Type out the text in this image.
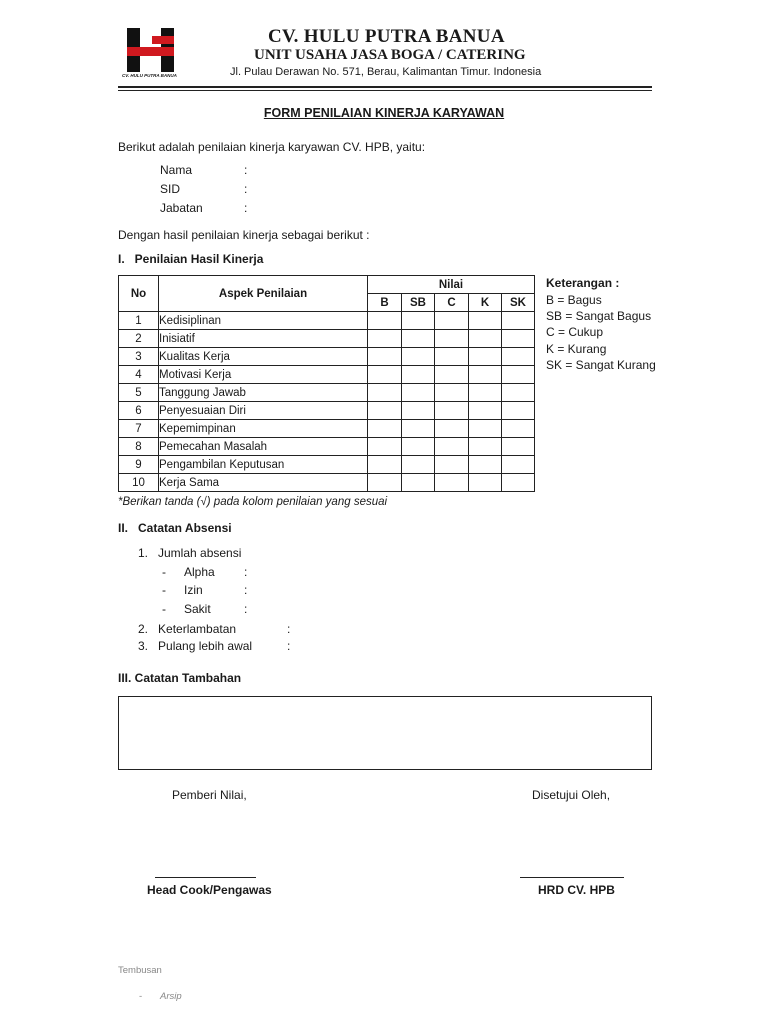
CV. HULU PUTRA BANUA
CV. HULU PUTRA BANUA
UNIT USAHA JASA BOGA / CATERING
Jl. Pulau Derawan No. 571, Berau, Kalimantan Timur. Indonesia
FORM PENILAIAN KINERJA KARYAWAN
Berikut adalah penilaian kinerja karyawan CV. HPB, yaitu:
Nama	:
SID	:
Jabatan	:
Dengan hasil penilaian kinerja sebagai berikut :
I.   Penilaian Hasil Kinerja
No	Aspek Penilaian	Nilai				
		B	SB	C	K	SK
1	Kedisiplinan					
2	Inisiatif					
3	Kualitas Kerja					
4	Motivasi Kerja					
5	Tanggung Jawab					
6	Penyesuaian Diri					
7	Kepemimpinan					
8	Pemecahan Masalah					
9	Pengambilan Keputusan					
10	Kerja Sama					
*Berikan tanda (√) pada kolom penilaian yang sesuai
Keterangan :
B = Bagus
SB = Sangat Bagus
C = Cukup
K = Kurang
SK = Sangat Kurang
II.   Catatan Absensi
1.   Jumlah absensi
- Alpha :
- Izin	:
- Sakit	:
2.   Keterlambatan	:
3.   Pulang lebih awal	:
III. Catatan Tambahan
Pemberi Nilai,	Disetujui Oleh,
Head Cook/Pengawas	HRD CV. HPB
Tembusan
- Arsip
